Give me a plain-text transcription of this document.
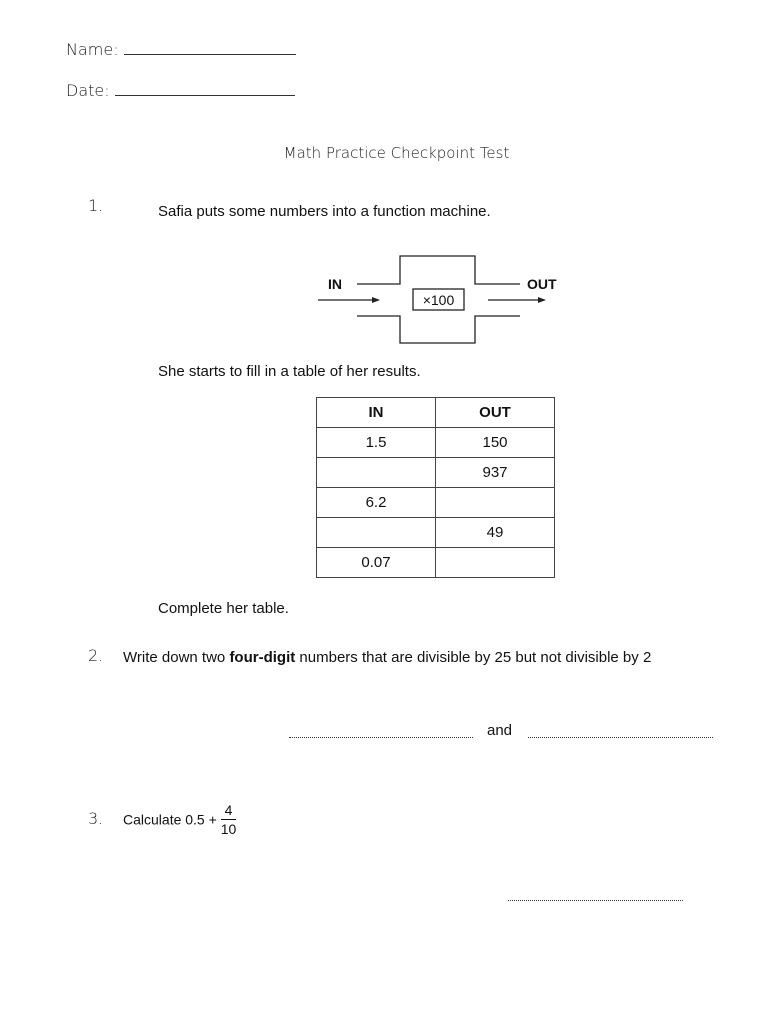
Name:
Date:
Math Practice Checkpoint Test
1.	Safia puts some numbers into a function machine.
IN	OUT
×100
She starts to fill in a table of her results.
IN	OUT
1.5	150
	937
6.2	
	49
0.07	
Complete her table.
2. Write down two four-digit numbers that are divisible by 25 but not divisible by 2
and
3. Calculate $0.5 + \frac{4}{10}$
